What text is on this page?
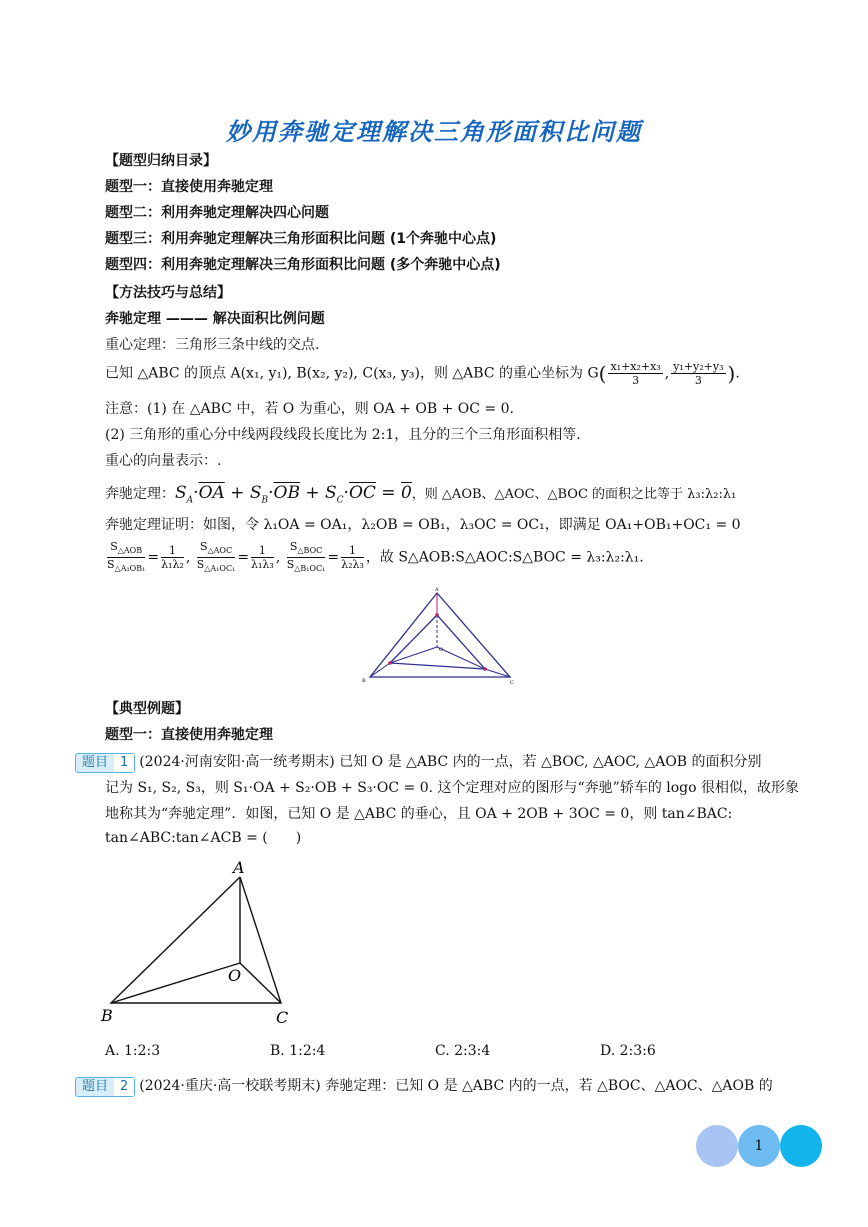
妙用奔驰定理解决三角形面积比问题
【题型归纳目录】
题型一：直接使用奔驰定理
题型二：利用奔驰定理解决四心问题
题型三：利用奔驰定理解决三角形面积比问题 (1个奔驰中心点)
题型四：利用奔驰定理解决三角形面积比问题 (多个奔驰中心点)
【方法技巧与总结】
奔驰定理 ——— 解决面积比例问题
重心定理：三角形三条中线的交点.
已知 △ABC 的顶点 A(x₁, y₁), B(x₂, y₂), C(x₃, y₃)，则 △ABC 的重心坐标为 $G( \frac{\text{x₁+x₂+x₃}}{3}$ , $\frac{\text{y₁+y₂+y₃}}{3}$ ).
注意：(1) 在 △ABC 中，若 O 为重心，则 OA + OB + OC = 0.
(2) 三角形的重心分中线两段线段长度比为 2:1，且分的三个三角形面积相等.
重心的向量表示：.
奔驰定理：$S_A\cdot\overline{OA} + S_B\cdot\overline{OB} + S_C\cdot\overline{OC} = 0$，则 △AOB、△AOC、△BOC 的面积之比等于 λ₃:λ₂:λ₁
奔驰定理证明：如图，令 λ₁OA = OA₁，λ₂OB = OB₁，λ₃OC = OC₁，即满足 OA₁+OB₁+OC₁ = 0
$\frac{S_{\triangle AOB}}{S_{\triangle A_1OB_1}} = \frac{1}{\text{λ₁λ₂}}$ , $\frac{S_{\triangle AOC}}{S_{\triangle A_1OC_1}} = \frac{1}{\text{λ₁λ₃}}$ , $\frac{S_{\triangle BOC}}{S_{\triangle B_1OC_1}} = \frac{1}{\text{λ₂λ₃}}$ ，故 S△AOB:S△AOC:S△BOC = λ₃:λ₂:λ₁.
A
B	C
O
【典型例题】
题型一：直接使用奔驰定理
题目 1 (2024·河南安阳·高一统考期末) 已知 O 是 △ABC 内的一点，若 △BOC, △AOC, △AOB 的面积分别
记为 S₁, S₂, S₃，则 S₁·OA + S₂·OB + S₃·OC = 0. 这个定理对应的图形与“奔驰”轿车的 logo 很相似，故形象
地称其为“奔驰定理”．如图，已知 O 是 △ABC 的垂心，且 OA + 2OB + 3OC = 0，则 tan∠BAC:
tan∠ABC:tan∠ACB = (　　)
A
B	C
O
A. 1:2:3	B. 1:2:4	C. 2:3:4	D. 2:3:6
题目 2 (2024·重庆·高一校联考期末) 奔驰定理：已知 O 是 △ABC 内的一点，若 △BOC、△AOC、△AOB 的
1
